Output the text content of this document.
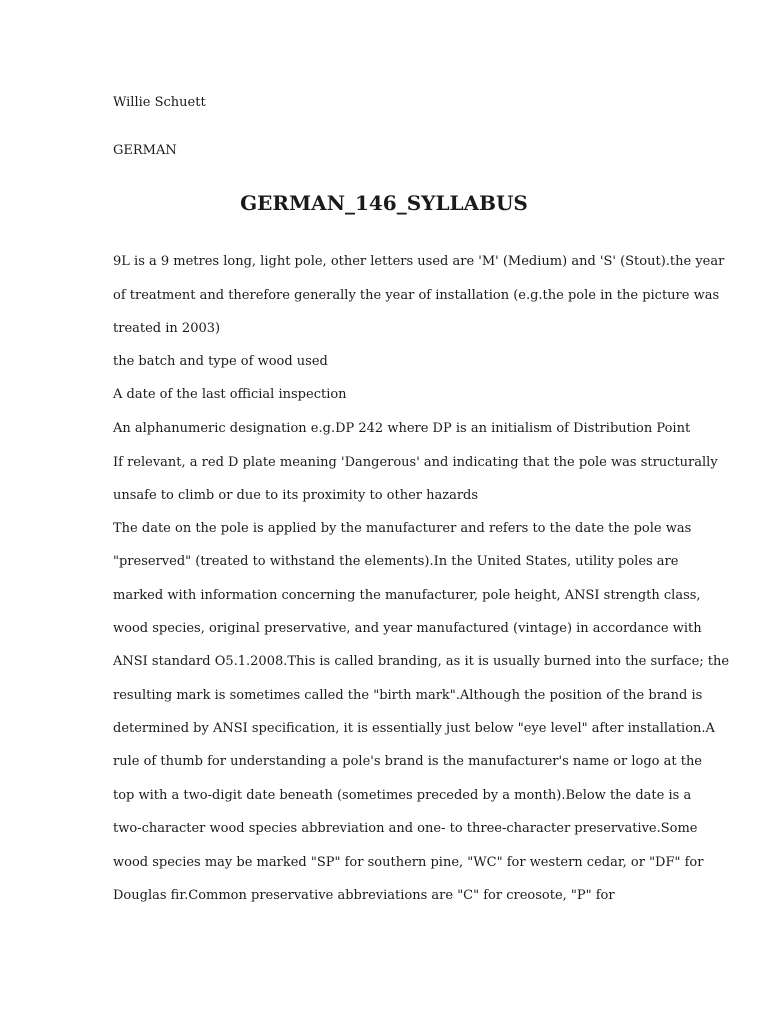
Willie Schuett
GERMAN
GERMAN_146_SYLLABUS
9L is a 9 metres long, light pole, other letters used are 'M' (Medium) and 'S' (Stout).the year
of treatment and therefore generally the year of installation (e.g.the pole in the picture was
treated in 2003)
the batch and type of wood used
A date of the last official inspection
An alphanumeric designation e.g.DP 242 where DP is an initialism of Distribution Point
If relevant, a red D plate meaning 'Dangerous' and indicating that the pole was structurally
unsafe to climb or due to its proximity to other hazards
The date on the pole is applied by the manufacturer and refers to the date the pole was
"preserved" (treated to withstand the elements).In the United States, utility poles are
marked with information concerning the manufacturer, pole height, ANSI strength class,
wood species, original preservative, and year manufactured (vintage) in accordance with
ANSI standard O5.1.2008.This is called branding, as it is usually burned into the surface; the
resulting mark is sometimes called the "birth mark".Although the position of the brand is
determined by ANSI specification, it is essentially just below "eye level" after installation.A
rule of thumb for understanding a pole's brand is the manufacturer's name or logo at the
top with a two-digit date beneath (sometimes preceded by a month).Below the date is a
two-character wood species abbreviation and one- to three-character preservative.Some
wood species may be marked "SP" for southern pine, "WC" for western cedar, or "DF" for
Douglas fir.Common preservative abbreviations are "C" for creosote, "P" for
